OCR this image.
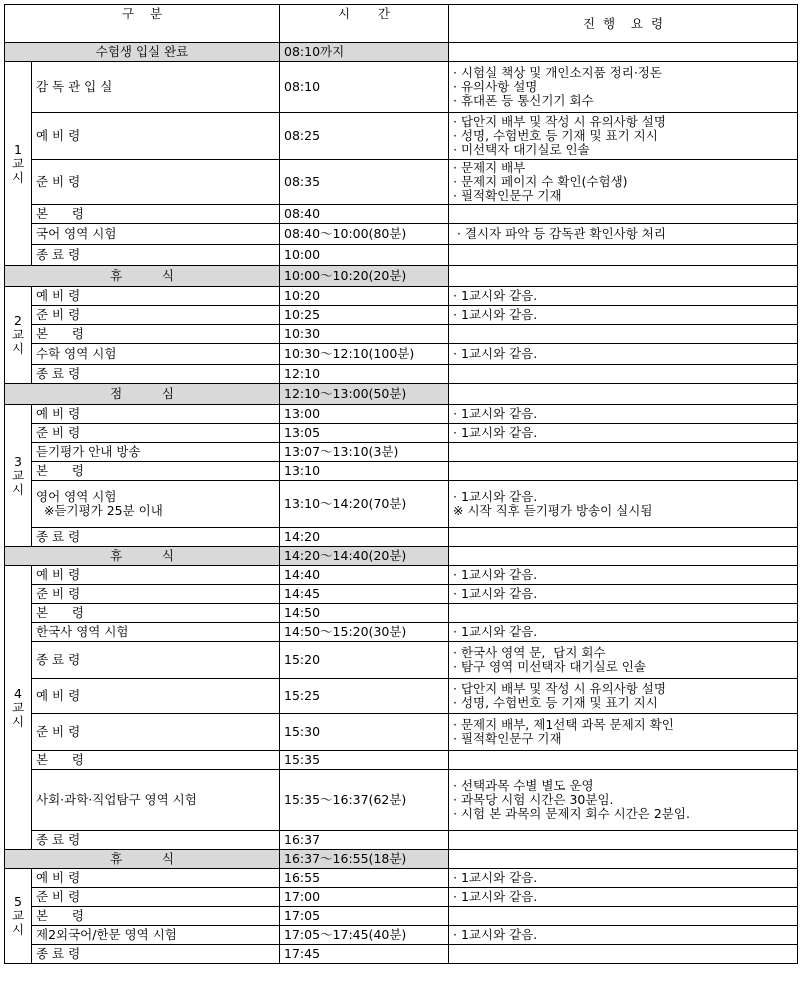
구    분		시       간	진  행    요  령
수험생 입실 완료		08:10까지	

1
교
시	감 독 관 입 실	08:10	· 시험실 책상 및 개인소지품 정리·정돈
· 유의사항 설명
· 휴대폰 등 통신기기 회수

	예 비 령	08:25	· 답안지 배부 및 작성 시 유의사항 설명
· 성명, 수험번호 등 기재 및 표기 지시
· 미선택자 대기실로 인솔

	준 비 령	08:35	· 문제지 배부
· 문제지 페이지 수 확인(수험생)
· 필적확인문구 기재

	본      령	08:40	

	국어 영역 시험	08:40～10:00(80분)	· 결시자 파악 등 감독관 확인사항 처리

	종 료 령	10:00	
휴          식		10:00～10:20(20분)	

2
교
시	예 비 령	10:20	· 1교시와 같음.

	준 비 령	10:25	· 1교시와 같음.

	본      령	10:30	

	수학 영역 시험	10:30～12:10(100분)	· 1교시와 같음.

	종 료 령	12:10	
점          심		12:10～13:00(50분)	

3
교
시	예 비 령	13:00	· 1교시와 같음.

	준 비 령	13:05	· 1교시와 같음.

	듣기평가 안내 방송	13:07～13:10(3분)	

	본      령	13:10	

	영어 영역 시험
※듣기평가 25분 이내	13:10～14:20(70분)	· 1교시와 같음.
※ 시작 직후 듣기평가 방송이 실시됨

	종 료 령	14:20	
휴          식		14:20～14:40(20분)	

4
교
시	예 비 령	14:40	· 1교시와 같음.

	준 비 령	14:45	· 1교시와 같음.

	본      령	14:50	

	한국사 영역 시험	14:50～15:20(30분)	· 1교시와 같음.

	종 료 령	15:20	· 한국사 영역 문,  답지 회수
· 탐구 영역 미선택자 대기실로 인솔

	예 비 령	15:25	· 답안지 배부 및 작성 시 유의사항 설명
· 성명, 수험번호 등 기재 및 표기 지시

	준 비 령	15:30	· 문제지 배부, 제1선택 과목 문제지 확인
· 필적확인문구 기재

	본      령	15:35	

	사회·과학·직업탐구 영역 시험	15:35～16:37(62분)	· 선택과목 수별 별도 운영
· 과목당 시험 시간은 30분임.
· 시험 본 과목의 문제지 회수 시간은 2분임.

	종 료 령	16:37	
휴          식		16:37～16:55(18분)	

5
교
시	예 비 령	16:55	· 1교시와 같음.

	준 비 령	17:00	· 1교시와 같음.

	본      령	17:05	

	제2외국어/한문 영역 시험	17:05～17:45(40분)	· 1교시와 같음.

	종 료 령	17:45	
